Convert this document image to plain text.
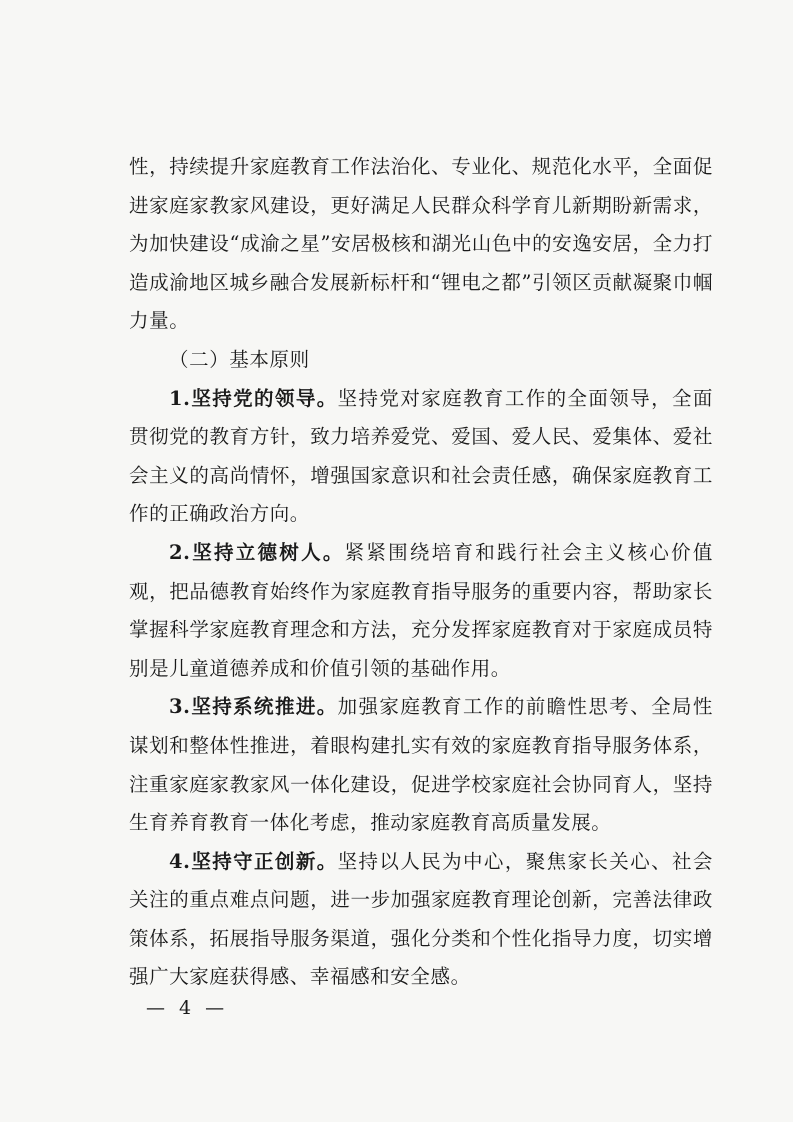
性，持续提升家庭教育工作法治化、专业化、规范化水平，全面促进家庭家教家风建设，更好满足人民群众科学育儿新期盼新需求，为加快建设“成渝之星”安居极核和湖光山色中的安逸安居，全力打造成渝地区城乡融合发展新标杆和“锂电之都”引领区贡献凝聚巾帼力量。

（二）基本原则

1.坚持党的领导。坚持党对家庭教育工作的全面领导，全面贯彻党的教育方针，致力培养爱党、爱国、爱人民、爱集体、爱社会主义的高尚情怀，增强国家意识和社会责任感，确保家庭教育工作的正确政治方向。

2.坚持立德树人。紧紧围绕培育和践行社会主义核心价值观，把品德教育始终作为家庭教育指导服务的重要内容，帮助家长掌握科学家庭教育理念和方法，充分发挥家庭教育对于家庭成员特别是儿童道德养成和价值引领的基础作用。

3.坚持系统推进。加强家庭教育工作的前瞻性思考、全局性谋划和整体性推进，着眼构建扎实有效的家庭教育指导服务体系，注重家庭家教家风一体化建设，促进学校家庭社会协同育人，坚持生育养育教育一体化考虑，推动家庭教育高质量发展。

4.坚持守正创新。坚持以人民为中心，聚焦家长关心、社会关注的重点难点问题，进一步加强家庭教育理论创新，完善法律政策体系，拓展指导服务渠道，强化分类和个性化指导力度，切实增强广大家庭获得感、幸福感和安全感。

— 4 —
